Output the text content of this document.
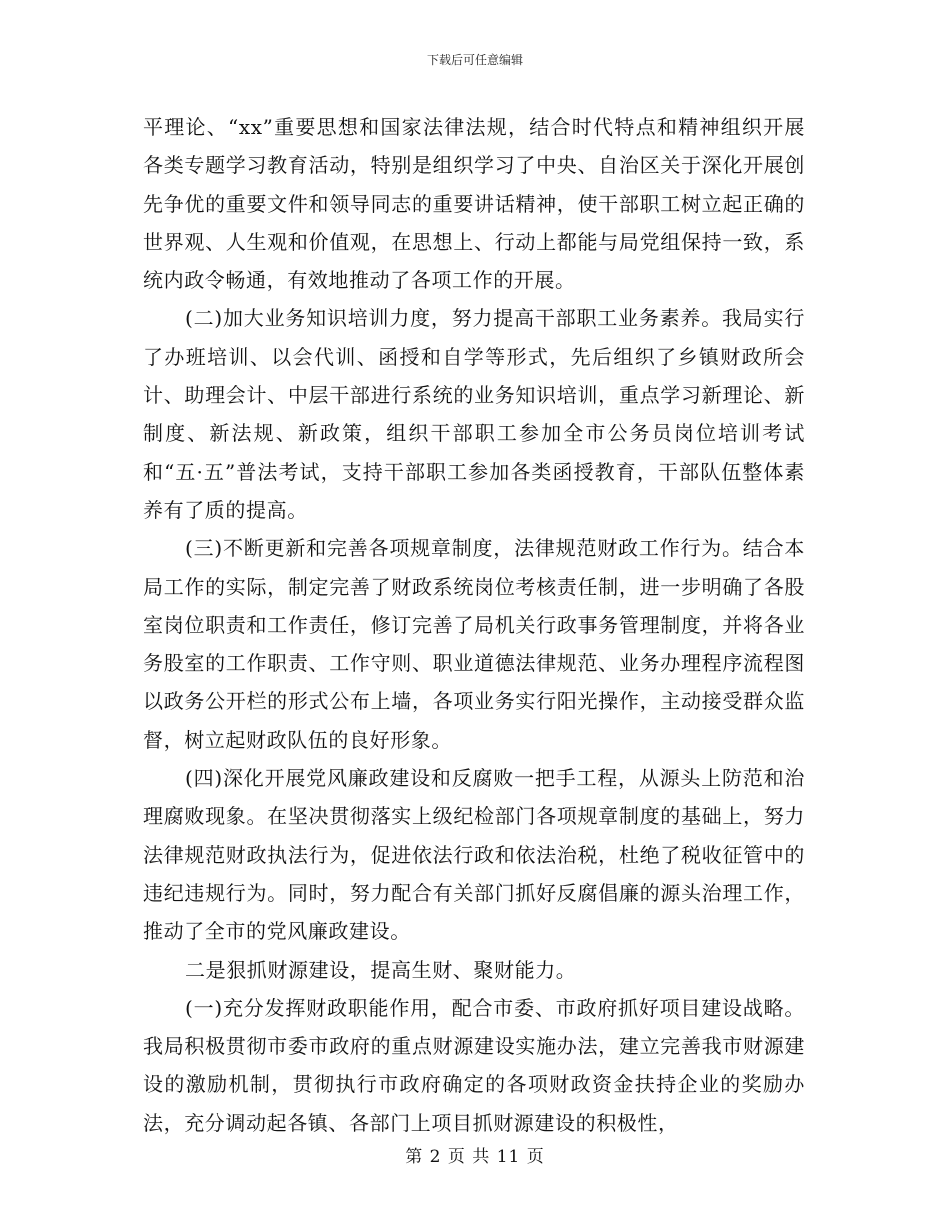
下载后可任意编辑

平理论、“xx”重要思想和国家法律法规，结合时代特点和精神组织开展各类专题学习教育活动，特别是组织学习了中央、自治区关于深化开展创先争优的重要文件和领导同志的重要讲话精神，使干部职工树立起正确的世界观、人生观和价值观，在思想上、行动上都能与局党组保持一致，系统内政令畅通，有效地推动了各项工作的开展。

(二)加大业务知识培训力度，努力提高干部职工业务素养。我局实行了办班培训、以会代训、函授和自学等形式，先后组织了乡镇财政所会计、助理会计、中层干部进行系统的业务知识培训，重点学习新理论、新制度、新法规、新政策，组织干部职工参加全市公务员岗位培训考试和“五·五”普法考试，支持干部职工参加各类函授教育，干部队伍整体素养有了质的提高。

(三)不断更新和完善各项规章制度，法律规范财政工作行为。结合本局工作的实际，制定完善了财政系统岗位考核责任制，进一步明确了各股室岗位职责和工作责任，修订完善了局机关行政事务管理制度，并将各业务股室的工作职责、工作守则、职业道德法律规范、业务办理程序流程图以政务公开栏的形式公布上墙，各项业务实行阳光操作，主动接受群众监督，树立起财政队伍的良好形象。

(四)深化开展党风廉政建设和反腐败一把手工程，从源头上防范和治理腐败现象。在坚决贯彻落实上级纪检部门各项规章制度的基础上，努力法律规范财政执法行为，促进依法行政和依法治税，杜绝了税收征管中的违纪违规行为。同时，努力配合有关部门抓好反腐倡廉的源头治理工作，推动了全市的党风廉政建设。

二是狠抓财源建设，提高生财、聚财能力。

(一)充分发挥财政职能作用，配合市委、市政府抓好项目建设战略。我局积极贯彻市委市政府的重点财源建设实施办法，建立完善我市财源建设的激励机制，贯彻执行市政府确定的各项财政资金扶持企业的奖励办法，充分调动起各镇、各部门上项目抓财源建设的积极性，

第 2 页 共 11 页
